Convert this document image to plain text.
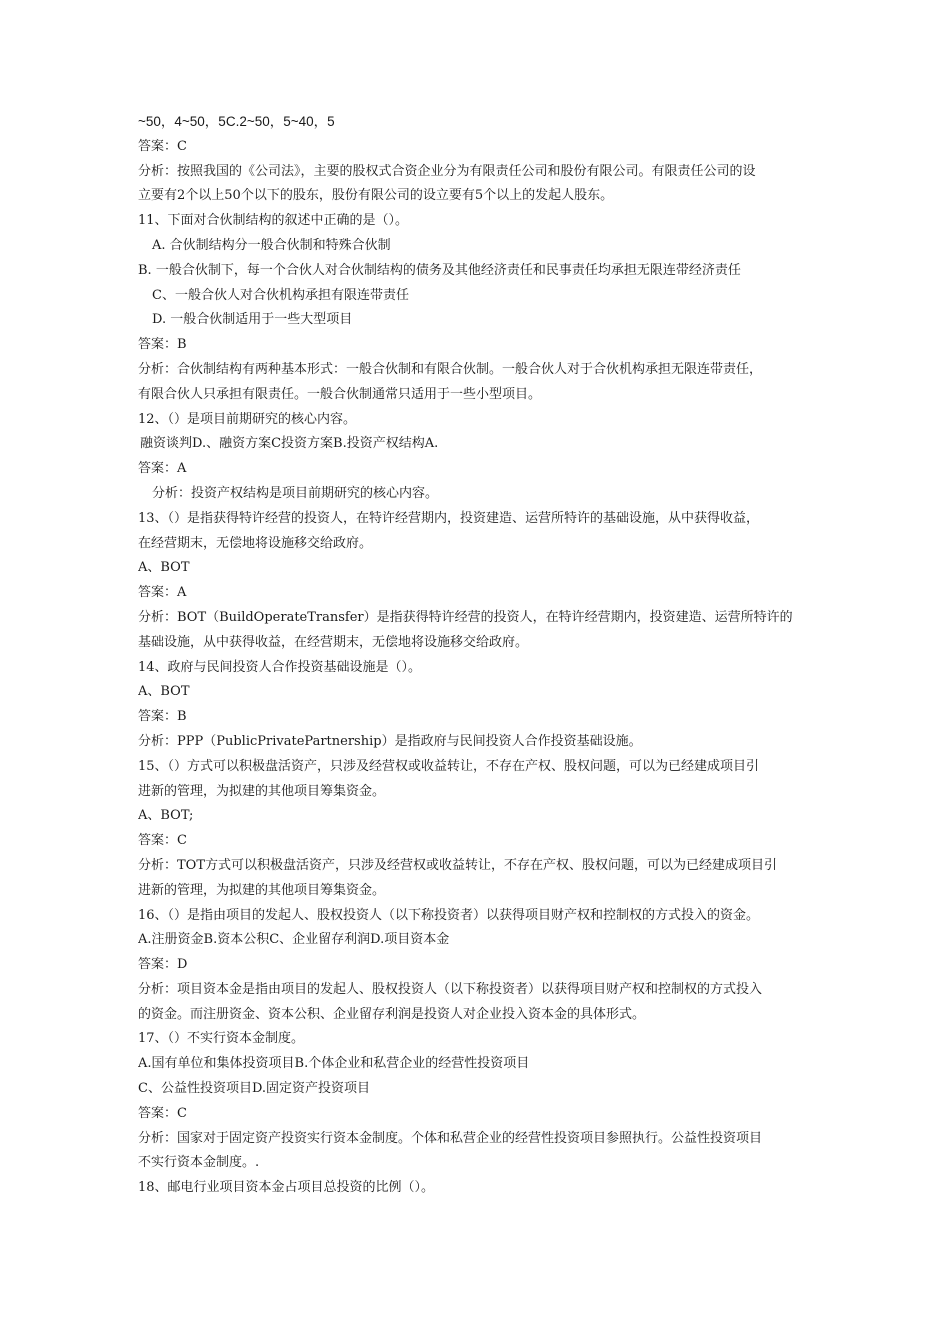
~50，4~50，5C.2~50，5~40，5
答案：C
分析：按照我国的《公司法》，主要的股权式合资企业分为有限责任公司和股份有限公司。有限责任公司的设
立要有2个以上50个以下的股东，股份有限公司的设立要有5个以上的发起人股东。
11、下面对合伙制结构的叙述中正确的是（）。
A. 合伙制结构分一般合伙制和特殊合伙制
B. 一般合伙制下，每一个合伙人对合伙制结构的债务及其他经济责任和民事责任均承担无限连带经济责任
C、一般合伙人对合伙机构承担有限连带责任
D. 一般合伙制适用于一些大型项目
答案：B
分析：合伙制结构有两种基本形式：一般合伙制和有限合伙制。一般合伙人对于合伙机构承担无限连带责任，
有限合伙人只承担有限责任。一般合伙制通常只适用于一些小型项目。
12、（）是项目前期研究的核心内容。
融资谈判D.、融资方案C投资方案B.投资产权结构A.
答案：A
分析：投资产权结构是项目前期研究的核心内容。
13、（）是指获得特许经营的投资人，在特许经营期内，投资建造、运营所特许的基础设施，从中获得收益，
在经营期末，无偿地将设施移交给政府。
A、BOT
答案：A
分析：BOT（BuildOperateTransfer）是指获得特许经营的投资人，在特许经营期内，投资建造、运营所特许的
基础设施，从中获得收益，在经营期末，无偿地将设施移交给政府。
14、政府与民间投资人合作投资基础设施是（）。
A、BOT
答案：B
分析：PPP（PublicPrivatePartnership）是指政府与民间投资人合作投资基础设施。
15、（）方式可以积极盘活资产，只涉及经营权或收益转让，不存在产权、股权问题，可以为已经建成项目引
进新的管理，为拟建的其他项目筹集资金。
A、BOT;
答案：C
分析：TOT方式可以积极盘活资产，只涉及经营权或收益转让，不存在产权、股权问题，可以为已经建成项目引
进新的管理，为拟建的其他项目筹集资金。
16、（）是指由项目的发起人、股权投资人（以下称投资者）以获得项目财产权和控制权的方式投入的资金。
A.注册资金B.资本公积C、企业留存利润D.项目资本金
答案：D
分析：项目资本金是指由项目的发起人、股权投资人（以下称投资者）以获得项目财产权和控制权的方式投入
的资金。而注册资金、资本公积、企业留存利润是投资人对企业投入资本金的具体形式。
17、（）不实行资本金制度。
A.国有单位和集体投资项目B.个体企业和私营企业的经营性投资项目
C、公益性投资项目D.固定资产投资项目
答案：C
分析：国家对于固定资产投资实行资本金制度。个体和私营企业的经营性投资项目参照执行。公益性投资项目
不实行资本金制度。.
18、邮电行业项目资本金占项目总投资的比例（）。
